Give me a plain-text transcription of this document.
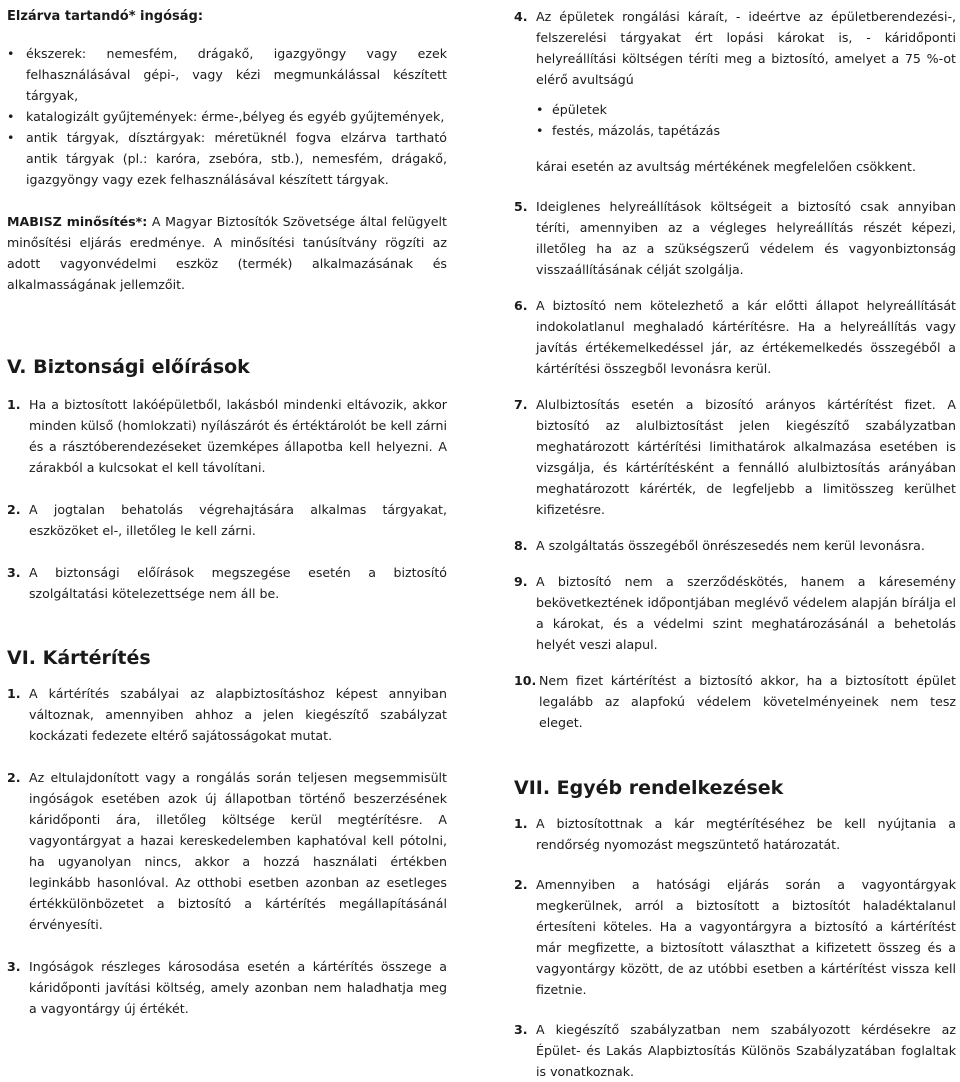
Elzárva tartandó* ingóság:
• ékszerek: nemesfém, drágakő, igazgyöngy vagy ezek felhasználásával gépi-, vagy kézi megmunkálással készített tárgyak,
• katalogizált gyűjtemények: érme-,bélyeg és egyéb gyűjtemények,
• antik tárgyak, dísztárgyak: méretüknél fogva elzárva tartható antik tárgyak (pl.: karóra, zsebóra, stb.), nemesfém, drágakő, igazgyöngy vagy ezek felhasználásával készített tárgyak.

MABISZ minősítés*: A Magyar Biztosítók Szövetsége által felügyelt minősítési eljárás eredménye. A minősítési tanúsítvány rögzíti az adott vagyonvédelmi eszköz (termék) alkalmazásának és alkalmasságának jellemzőit.

V. Biztonsági előírások
1. Ha a biztosított lakóépületből, lakásból mindenki eltávozik, akkor minden külső (homlokzati) nyílászárót és értéktárolót be kell zárni és a rásztóberendezéseket üzemképes állapotba kell helyezni. A zárakból a kulcsokat el kell távolítani.
2. A jogtalan behatolás végrehajtására alkalmas tárgyakat, eszközöket el-, illetőleg le kell zárni.
3. A biztonsági előírások megszegése esetén a biztosító szolgáltatási kötelezettsége nem áll be.
VI. Kártérítés
1. A kártérítés szabályai az alapbiztosításhoz képest annyiban változnak, amennyiben ahhoz a jelen kiegészítő szabályzat kockázati fedezete eltérő sajátosságokat mutat.
2. Az eltulajdonított vagy a rongálás során teljesen megsemmisült ingóságok esetében azok új állapotban történő beszerzésének káridőponti ára, illetőleg költsége kerül megtérítésre. A vagyontárgyat a hazai kereskedelemben kaphatóval kell pótolni, ha ugyanolyan nincs, akkor a hozzá használati értékben leginkább hasonlóval. Az otthobi esetben azonban az esetleges értékkülönbözetet a biztosító a kártérítés megállapításánál érvényesíti.
3. Ingóságok részleges károsodása esetén a kártérítés összege a káridőponti javítási költség, amely azonban nem haladhatja meg a vagyontárgy új értékét.
4. Az épületek rongálási káraít, - ideértve az épületberendezési-, felszerelési tárgyakat ért lopási károkat is, - káridőponti helyreállítási költségen téríti meg a biztosító, amelyet a 75 %-ot elérő avultságú
• épületek
• festés, mázolás, tapétázás
kárai esetén az avultság mértékének megfelelően csökkent.
5. Ideiglenes helyreállítások költségeit a biztosító csak annyiban téríti, amennyiben az a végleges helyreállítás részét képezi, illetőleg ha az a szükségszerű védelem és vagyonbiztonság visszaállításának célját szolgálja.
6. A biztosító nem kötelezhető a kár előtti állapot helyreállítását indokolatlanul meghaladó kártérítésre. Ha a helyreállítás vagy javítás értékemelkedéssel jár, az értékemelkedés összegéből a kártérítési összegből levonásra kerül.
7. Alulbiztosítás esetén a bizosító arányos kártérítést fizet. A biztosító az alulbiztosítást jelen kiegészítő szabályzatban meghatározott kártérítési limithatárok alkalmazása esetében is vizsgálja, és kártérítésként a fennálló alulbiztosítás arányában meghatározott kárérték, de legfeljebb a limitösszeg kerülhet kifizetésre.
8. A szolgáltatás összegéből önrészesedés nem kerül levonásra.
9. A biztosító nem a szerződéskötés, hanem a káresemény bekövetkeztének időpontjában meglévő védelem alapján bírálja el a károkat, és a védelmi szint meghatározásánál a behetolás helyét veszi alapul.
10. Nem fizet kártérítést a biztosító akkor, ha a biztosított épület legalább az alapfokú védelem követelményeinek nem tesz eleget.
VII. Egyéb rendelkezések
1. A biztosítottnak a kár megtérítéséhez be kell nyújtania a rendőrség nyomozást megszüntető határozatát.
2. Amennyiben a hatósági eljárás során a vagyontárgyak megkerülnek, arról a biztosított a biztosítót haladéktalanul értesíteni köteles. Ha a vagyontárgyra a biztosító a kártérítést már megfizette, a biztosított választhat a kifizetett összeg és a vagyontárgy között, de az utóbbi esetben a kártérítést vissza kell fizetnie.
3. A kiegészítő szabályzatban nem szabályozott kérdésekre az Épület- és Lakás Alapbiztosítás Különös Szabályzatában foglaltak is vonatkoznak.
